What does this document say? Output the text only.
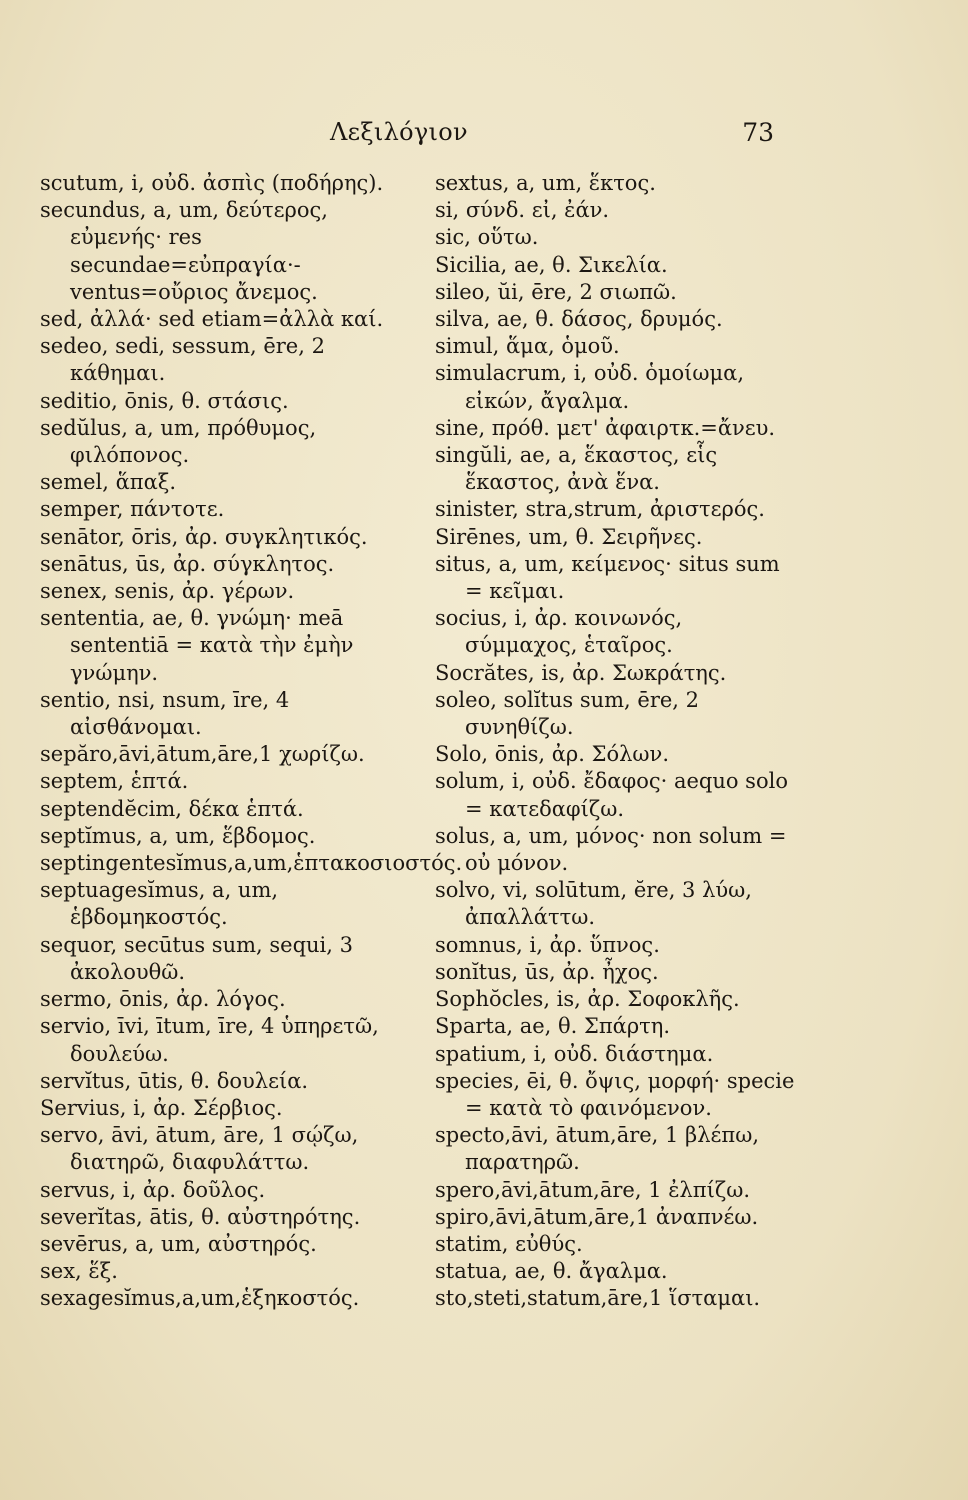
Λεξιλόγιον	73
scutum, i, οὐδ. ἀσπὶς (ποδήρης).
secundus, a, um, δεύτερος, εὐμενής· res secundae=εὐπραγία·-ventus=οὔριος ἄνεμος.
sed, ἀλλά· sed etiam=ἀλλὰ καί.
sedeo, sedi, sessum, ēre, 2 κάθημαι.
seditio, ōnis, θ. στάσις.
sedŭlus, a, um, πρόθυμος, φιλόπονος.
semel, ἅπαξ.
semper, πάντοτε.
senātor, ōris, ἀρ. συγκλητικός.
senātus, ūs, ἀρ. σύγκλητος.
senex, senis, ἀρ. γέρων.
sententia, ae, θ. γνώμη· meā sententiā = κατὰ τὴν ἐμὴν γνώμην.
sentio, nsi, nsum, īre, 4 αἰσθάνομαι.
sepăro,āvi,ātum,āre,1 χωρίζω.
septem, ἑπτά.
septendĕcim, δέκα ἑπτά.
septĭmus, a, um, ἕβδομος.
septingentesĭmus,a,um,ἑπτακοσιοστός.
septuagesĭmus, a, um, ἑβδομηκοστός.
sequor, secūtus sum, sequi, 3 ἀκολουθῶ.
sermo, ōnis, ἀρ. λόγος.
servio, īvi, ītum, īre, 4 ὑπηρετῶ, δουλεύω.
servĭtus, ūtis, θ. δουλεία.
Servius, i, ἀρ. Σέρβιος.
servo, āvi, ātum, āre, 1 σῴζω, διατηρῶ, διαφυλάττω.
servus, i, ἀρ. δοῦλος.
severĭtas, ātis, θ. αὐστηρότης.
sevērus, a, um, αὐστηρός.
sex, ἕξ.
sexagesĭmus,a,um,ἑξηκοστός.
sextus, a, um, ἕκτος.
si, σύνδ. εἰ, ἐάν.
sic, οὕτω.
Sicilia, ae, θ. Σικελία.
sileo, ŭi, ēre, 2 σιωπῶ.
silva, ae, θ. δάσος, δρυμός.
simul, ἅμα, ὁμοῦ.
simulacrum, i, οὐδ. ὁμοίωμα, εἰκών, ἄγαλμα.
sine, πρόθ. μετ' ἀφαιρτκ.=ἄνευ.
singŭli, ae, a, ἕκαστος, εἷς ἕκαστος, ἀνὰ ἕνα.
sinister, stra,strum, ἀριστερός.
Sirēnes, um, θ. Σειρῆνες.
situs, a, um, κείμενος· situs sum = κεῖμαι.
socius, i, ἀρ. κοινωνός, σύμμαχος, ἑταῖρος.
Socrătes, is, ἀρ. Σωκράτης.
soleo, solĭtus sum, ēre, 2 συνηθίζω.
Solo, ōnis, ἀρ. Σόλων.
solum, i, οὐδ. ἔδαφος· aequo solo = κατεδαφίζω.
solus, a, um, μόνος· non solum = οὐ μόνον.
solvo, vi, solūtum, ĕre, 3 λύω, ἀπαλλάττω.
somnus, i, ἀρ. ὕπνος.
sonĭtus, ūs, ἀρ. ἦχος.
Sophŏcles, is, ἀρ. Σοφοκλῆς.
Sparta, ae, θ. Σπάρτη.
spatium, i, οὐδ. διάστημα.
species, ēi, θ. ὄψις, μορφή· specie = κατὰ τὸ φαινόμενον.
specto,āvi, ātum,āre, 1 βλέπω, παρατηρῶ.
spero,āvi,ātum,āre, 1 ἐλπίζω.
spiro,āvi,ātum,āre,1 ἀναπνέω.
statim, εὐθύς.
statua, ae, θ. ἄγαλμα.
sto,steti,statum,āre,1 ἵσταμαι.
